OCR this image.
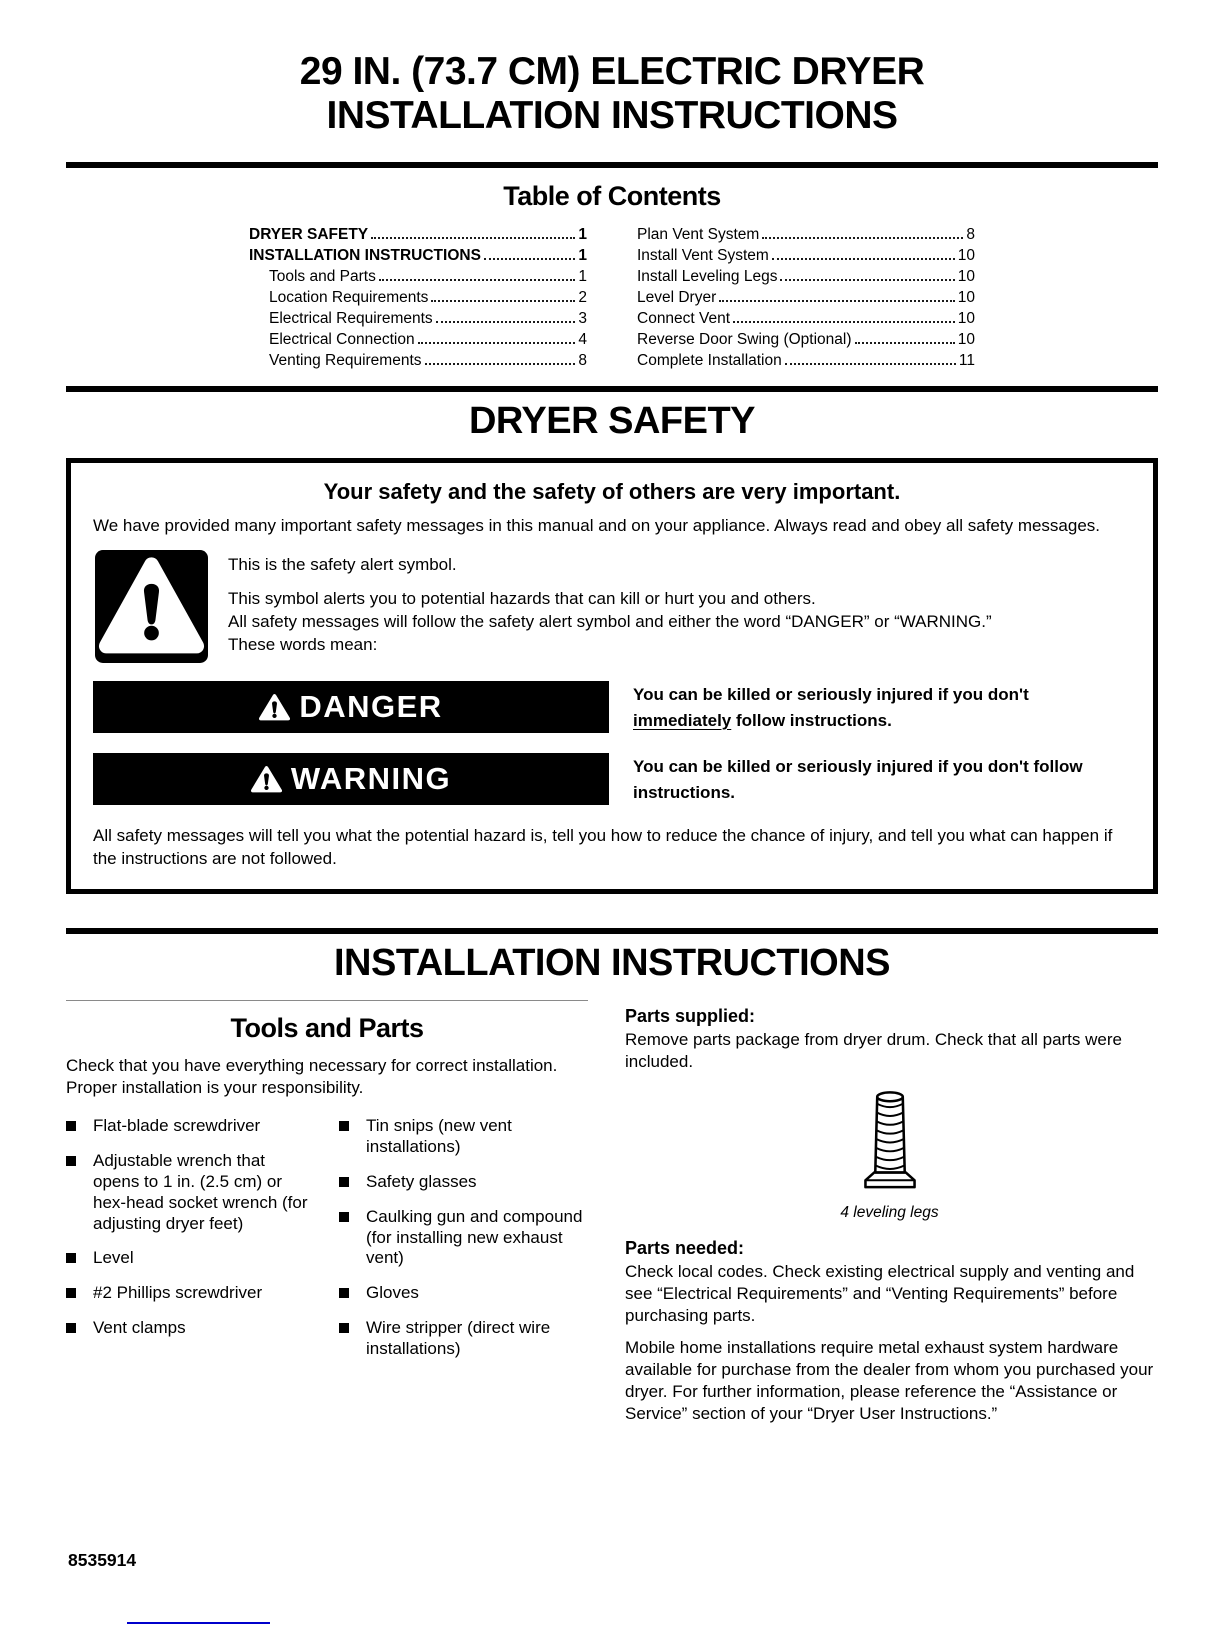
29 IN. (73.7 CM) ELECTRIC DRYER
INSTALLATION INSTRUCTIONS
Table of Contents
DRYER SAFETY	1
INSTALLATION INSTRUCTIONS	1
Tools and Parts	1
Location Requirements	2
Electrical Requirements	3
Electrical Connection	4
Venting Requirements	8
Plan Vent System	8
Install Vent System	10
Install Leveling Legs	10
Level Dryer	10
Connect Vent	10
Reverse Door Swing (Optional)	10
Complete Installation	11
DRYER SAFETY
Your safety and the safety of others are very important.

We have provided many important safety messages in this manual and on your appliance. Always read and obey all safety messages.

This is the safety alert symbol.

This symbol alerts you to potential hazards that can kill or hurt you and others.

All safety messages will follow the safety alert symbol and either the word “DANGER” or “WARNING.”

These words mean:

DANGER	You can be killed or seriously injured if you don't immediately follow instructions.

WARNING	You can be killed or seriously injured if you don't follow instructions.

All safety messages will tell you what the potential hazard is, tell you how to reduce the chance of injury, and tell you what can happen if the instructions are not followed.

INSTALLATION INSTRUCTIONS
Tools and Parts

Check that you have everything necessary for correct installation. Proper installation is your responsibility.

Flat-blade screwdriver
Adjustable wrench that opens to 1 in. (2.5 cm) or hex-head socket wrench (for adjusting dryer feet)
Level
#2 Phillips screwdriver
Vent clamps
Tin snips (new vent installations)
Safety glasses
Caulking gun and compound (for installing new exhaust vent)
Gloves
Wire stripper (direct wire installations)
Parts supplied:

Remove parts package from dryer drum. Check that all parts were included.

4 leveling legs
Parts needed:

Check local codes. Check existing electrical supply and venting and see “Electrical Requirements” and “Venting Requirements” before purchasing parts.

Mobile home installations require metal exhaust system hardware available for purchase from the dealer from whom you purchased your dryer. For further information, please reference the “Assistance or Service” section of your “Dryer User Instructions.”

8535914
